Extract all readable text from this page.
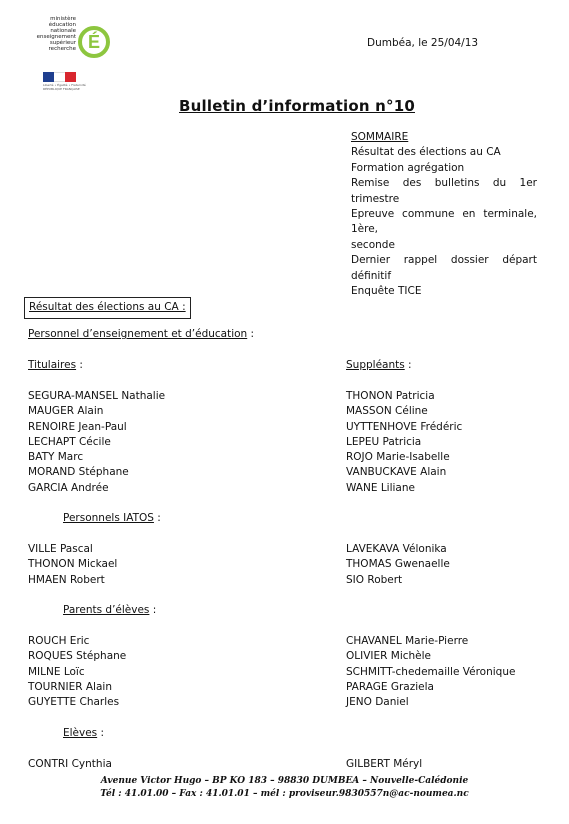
ministère
éducation
nationale
enseignement
supérieur
recherche É
Liberté • Égalité • Fraternité
RÉPUBLIQUE FRANÇAISE
Dumbéa, le 25/04/13
Bulletin d’information n°10
SOMMAIRE
Résultat des élections au CA
Formation agrégation
Remise des bulletins du 1er
trimestre
Epreuve commune en terminale, 1ère,
seconde
Dernier rappel dossier départ
définitif
Enquête TICE
Résultat des élections au CA :
Personnel d’enseignement et d’éducation :
Titulaires :	Suppléants :
SEGURA-MANSEL Nathalie
MAUGER Alain
RENOIRE Jean-Paul
LECHAPT Cécile
BATY Marc
MORAND Stéphane
GARCIA Andrée
THONON Patricia
MASSON Céline
UYTTENHOVE Frédéric
LEPEU Patricia
ROJO Marie-Isabelle
VANBUCKAVE Alain
WANE Liliane
Personnels IATOS :
VILLE Pascal
THONON Mickael
HMAEN Robert
LAVEKAVA Vélonika
THOMAS Gwenaelle
SIO Robert
Parents d’élèves :
ROUCH Eric
ROQUES Stéphane
MILNE Loïc
TOURNIER Alain
GUYETTE Charles
CHAVANEL Marie-Pierre
OLIVIER Michèle
SCHMITT-chedemaille Véronique
PARAGE Graziela
JENO Daniel
Elèves :
CONTRI Cynthia	GILBERT Méryl
Avenue Victor Hugo – BP KO 183 – 98830 DUMBEA – Nouvelle-Calédonie
Tél : 41.01.00 – Fax : 41.01.01 – mél : proviseur.9830557n@ac-noumea.nc
